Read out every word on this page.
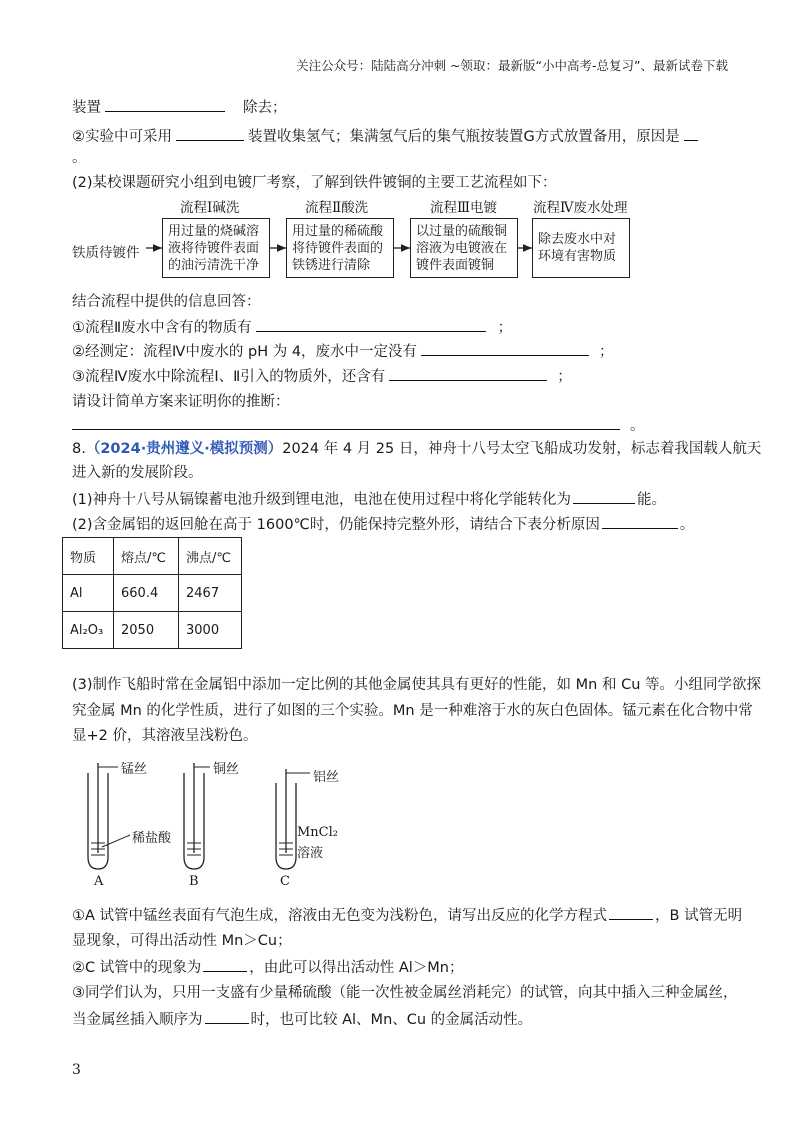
关注公众号：陆陆高分冲刺 ~领取：最新版“小中高考-总复习”、最新试卷下载
装置	除去；
②实验中可采用	装置收集氢气；集满氢气后的集气瓶按装置G方式放置备用，原因是
。
(2)某校课题研究小组到电镀厂考察，了解到铁件镀铜的主要工艺流程如下：
铁质待镀件
流程Ⅰ碱洗
用过量的烧碱溶液将待镀件表面的油污清洗干净
流程Ⅱ酸洗
用过量的稀硫酸将待镀件表面的铁锈进行清除
流程Ⅲ电镀
以过量的硫酸铜溶液为电镀液在镀件表面镀铜
流程Ⅳ废水处理
除去废水中对环境有害物质
结合流程中提供的信息回答：
①流程Ⅱ废水中含有的物质有	；
②经测定：流程Ⅳ中废水的 pH 为 4，废水中一定没有	；
③流程Ⅳ废水中除流程Ⅰ、Ⅱ引入的物质外，还含有	；
请设计简单方案来证明你的推断：
。
8.（2024·贵州遵义·模拟预测）2024 年 4 月 25 日，神舟十八号太空飞船成功发射，标志着我国载人航天
进入新的发展阶段。
(1)神舟十八号从镉镍蓄电池升级到锂电池，电池在使用过程中将化学能转化为	能。
(2)含金属铝的返回舱在高于 1600℃时，仍能保持完整外形，请结合下表分析原因	。
物质	熔点/℃	沸点/℃
Al	660.4	2467
Al₂O₃	2050	3000
(3)制作飞船时常在金属铝中添加一定比例的其他金属使其具有更好的性能，如 Mn 和 Cu 等。小组同学欲探
究金属 Mn 的化学性质，进行了如图的三个实验。Mn 是一种难溶于水的灰白色固体。锰元素在化合物中常
显+2 价，其溶液呈浅粉色。
锰丝	铜丝
铝丝
稀盐酸	MnCl₂
溶液
A	B	C
①A 试管中锰丝表面有气泡生成，溶液由无色变为浅粉色，请写出反应的化学方程式	，B 试管无明
显现象，可得出活动性 Mn＞Cu；
②C 试管中的现象为	，由此可以得出活动性 Al＞Mn；
③同学们认为，只用一支盛有少量稀硫酸（能一次性被金属丝消耗完）的试管，向其中插入三种金属丝，
当金属丝插入顺序为	时，也可比较 Al、Mn、Cu 的金属活动性。
3
